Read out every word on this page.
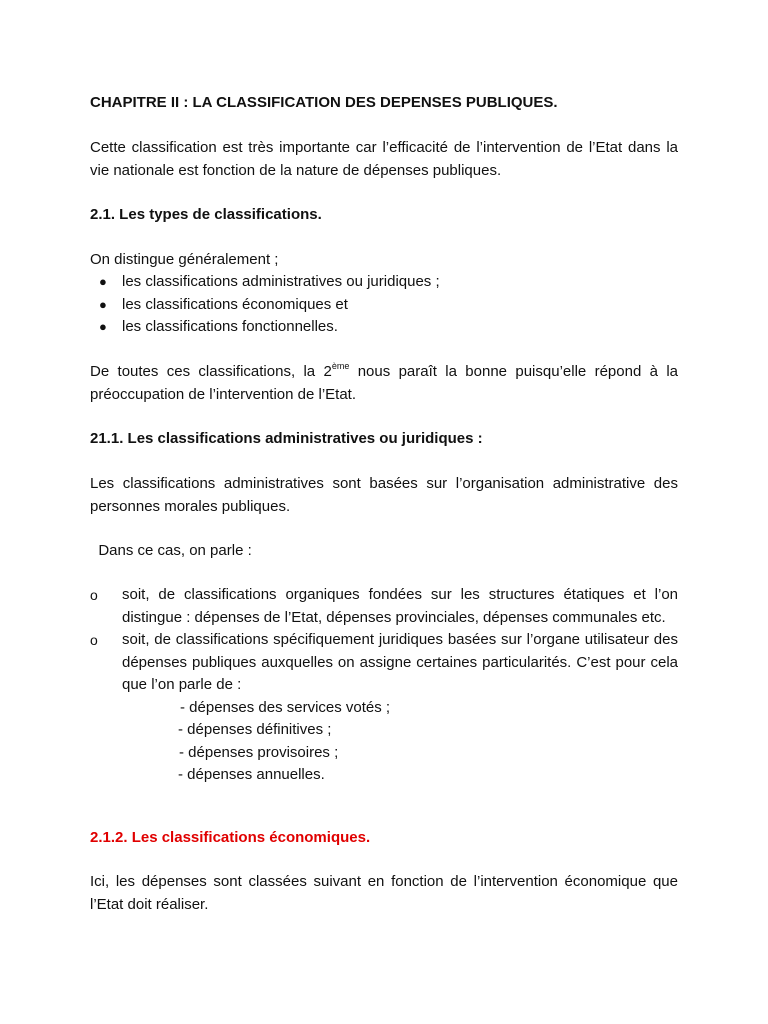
CHAPITRE II : LA CLASSIFICATION DES DEPENSES PUBLIQUES.

Cette classification est très importante car l’efficacité de l’intervention de l’Etat dans la vie nationale est fonction de la nature de dépenses publiques.

2.1. Les types de classifications.

On distingue généralement ;

● les classifications administratives ou juridiques ;
● les classifications économiques et
● les classifications fonctionnelles.

De toutes ces classifications, la 2ème nous paraît la bonne puisqu’elle répond à la préoccupation de l’intervention de l’Etat.

21.1. Les classifications administratives ou juridiques :

Les classifications administratives sont basées sur l’organisation administrative des personnes morales publiques.

Dans ce cas, on parle :

o soit, de classifications organiques fondées sur les structures étatiques et l’on distingue : dépenses de l’Etat, dépenses provinciales, dépenses communales etc.
o soit, de classifications spécifiquement juridiques basées sur l’organe utilisateur des dépenses publiques auxquelles on assigne certaines particularités. C’est pour cela que l’on parle de :
- dépenses des services votés ;
- dépenses définitives ;
- dépenses provisoires ;
- dépenses annuelles.

2.1.2. Les classifications économiques.

Ici, les dépenses sont classées suivant en fonction de l’intervention économique que l’Etat doit réaliser.
